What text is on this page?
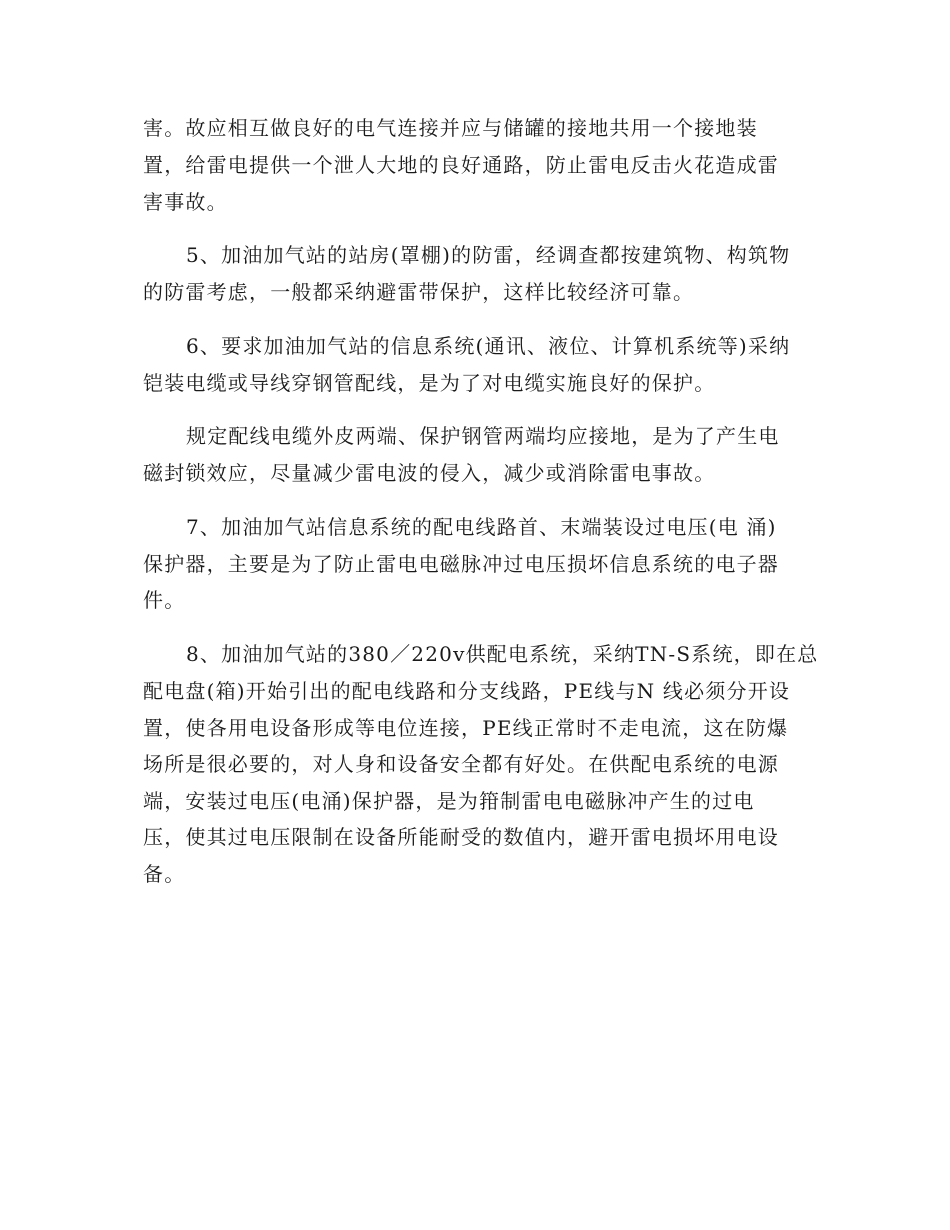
害。故应相互做良好的电气连接并应与储罐的接地共用一个接地装
置，给雷电提供一个泄人大地的良好通路，防止雷电反击火花造成雷
害事故。
5、加油加气站的站房(罩棚)的防雷，经调查都按建筑物、构筑物
的防雷考虑，一般都采纳避雷带保护，这样比较经济可靠。
6、要求加油加气站的信息系统(通讯、液位、计算机系统等)采纳
铠装电缆或导线穿钢管配线，是为了对电缆实施良好的保护。
规定配线电缆外皮两端、保护钢管两端均应接地，是为了产生电
磁封锁效应，尽量减少雷电波的侵入，减少或消除雷电事故。
7、加油加气站信息系统的配电线路首、末端装设过电压(电 涌)
保护器，主要是为了防止雷电电磁脉冲过电压损坏信息系统的电子器
件。
8、加油加气站的380／220v供配电系统，采纳TN-S系统，即在总
配电盘(箱)开始引出的配电线路和分支线路，PE线与N 线必须分开设
置，使各用电设备形成等电位连接，PE线正常时不走电流，这在防爆
场所是很必要的，对人身和设备安全都有好处。在供配电系统的电源
端，安装过电压(电涌)保护器，是为箝制雷电电磁脉冲产生的过电
压，使其过电压限制在设备所能耐受的数值内，避开雷电损坏用电设
备。
